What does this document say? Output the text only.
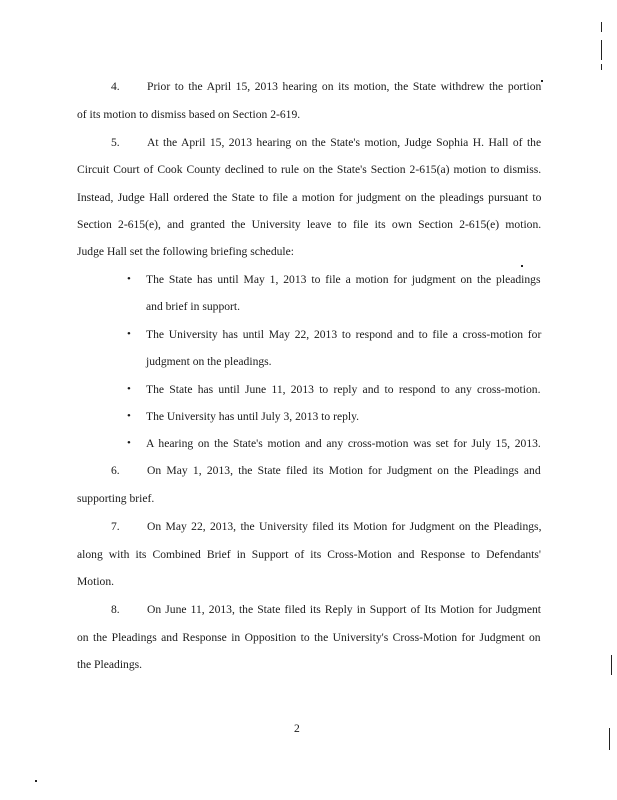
4. Prior to the April 15, 2013 hearing on its motion, the State withdrew the portion
of its motion to dismiss based on Section 2-619.
5. At the April 15, 2013 hearing on the State's motion, Judge Sophia H. Hall of the
Circuit Court of Cook County declined to rule on the State's Section 2-615(a) motion to dismiss.
Instead, Judge Hall ordered the State to file a motion for judgment on the pleadings pursuant to
Section 2-615(e), and granted the University leave to file its own Section 2-615(e) motion.
Judge Hall set the following briefing schedule:
• The State has until May 1, 2013 to file a motion for judgment on the pleadings
and brief in support.
• The University has until May 22, 2013 to respond and to file a cross-motion for
judgment on the pleadings.
• The State has until June 11, 2013 to reply and to respond to any cross-motion.
• The University has until July 3, 2013 to reply.
• A hearing on the State's motion and any cross-motion was set for July 15, 2013.
6. On May 1, 2013, the State filed its Motion for Judgment on the Pleadings and
supporting brief.
7. On May 22, 2013, the University filed its Motion for Judgment on the Pleadings,
along with its Combined Brief in Support of its Cross-Motion and Response to Defendants'
Motion.
8. On June 11, 2013, the State filed its Reply in Support of Its Motion for Judgment
on the Pleadings and Response in Opposition to the University's Cross-Motion for Judgment on
the Pleadings.
2
